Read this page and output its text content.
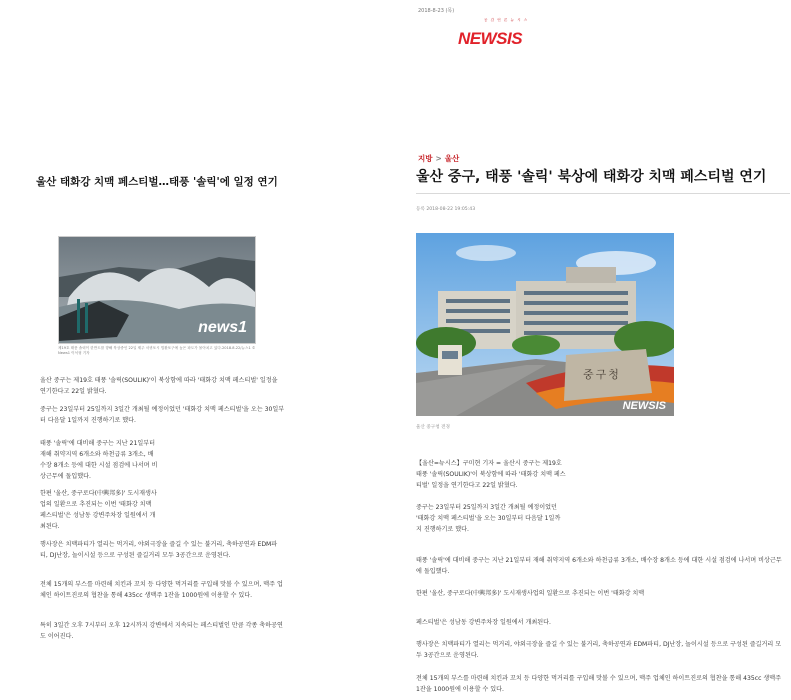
울산 태화강 치맥 페스티벌…태풍 '솔릭'에 일정 연기
news1
제19호 태풍 솔릭이 한반도를 향해 북상중인 22일 제주 서귀포시 법환포구에 높은 파도가 몰아치고 있다.2018.8.22/뉴스1 © News1 이석형 기자
울산 중구는 제19호 태풍 '솔릭(SOULIK)'이 북상함에 따라 '태화강 치맥 페스티벌' 일정을 연기한다고 22일 밝혔다.
중구는 23일부터 25일까지 3일간 개최될 예정이었던 '태화강 치맥 페스티벌'을 오는 30일부터 다음달 1일까지 진행하기로 했다.
태풍 '솔릭'에 대비해 중구는 지난 21일부터 재해 취약지역 6개소와 하천급류 3개소, 배수장 8개소 등에 대한 시설 점검에 나서며 비상근무에 돌입했다.
한편 '울산, 중구로다(中興邦多)' 도시재생사업의 일환으로 추진되는 이번 '태화강 치맥 페스티벌'은 성남동 강변주차장 일원에서 개최된다.
행사장은 치맥파티가 열리는 먹거리, 야외극장을 즐길 수 있는 불거리, 축하공연과 EDM파티, DJ난장, 놀이시설 등으로 구성된 즐길거리 모두 3공간으로 운영된다.
전체 15개의 부스를 마련해 치킨과 꼬치 등 다양한 먹거리를 구입해 맛볼 수 있으며, 맥주 업체인 하이트진로의 협찬을 통해 435cc 생맥주 1잔을 1000원에 이용할 수 있다.
특히 3일간 오후 7시부터 오후 12시까지 강변에서 지속되는 페스티벌인 만큼 각종 축하공연도 이어진다.
2018-8-23 (목)
공 감 언 론 뉴 시 스
NEWSIS
지방 > 울산
울산 중구, 태풍 '솔릭' 북상에 태화강 치맥 페스티벌 연기
등록 2018-08-22 19:05:43
중구청
NEWSIS
울산 중구청 전경
【울산=뉴시스】구미현 기자 = 울산시 중구는 제19호 태풍 '솔릭(SOULIK)'이 북상함에 따라 '태화강 치맥 페스티벌' 일정을 연기한다고 22일 밝혔다.
중구는 23일부터 25일까지 3일간 개최될 예정이었던 '태화강 치맥 페스티벌'을 오는 30일부터 다음달 1일까지 진행하기로 했다.
태풍 '솔릭'에 대비해 중구는 지난 21일부터 재해 취약지역 6개소와 하천급류 3개소, 배수장 8개소 등에 대한 시설 점검에 나서며 비상근무에 돌입했다.
한편 '울산, 중구로다(中興邦多)' 도시재생사업의 일환으로 추진되는 이번 '태화강 치맥
페스티벌'은 성남동 강변주차장 일원에서 개최된다.
행사장은 치맥파티가 열리는 먹거리, 야외극장을 즐길 수 있는 불거리, 축하공연과 EDM파티, DJ난장, 놀이시설 등으로 구성된 즐길거리 모두 3공간으로 운영된다.
전체 15개의 부스를 마련해 치킨과 꼬치 등 다양한 먹거리를 구입해 맛볼 수 있으며, 맥주 업체인 하이트진로의 협찬을 통해 435cc 생맥주 1잔을 1000원에 이용할 수 있다.
